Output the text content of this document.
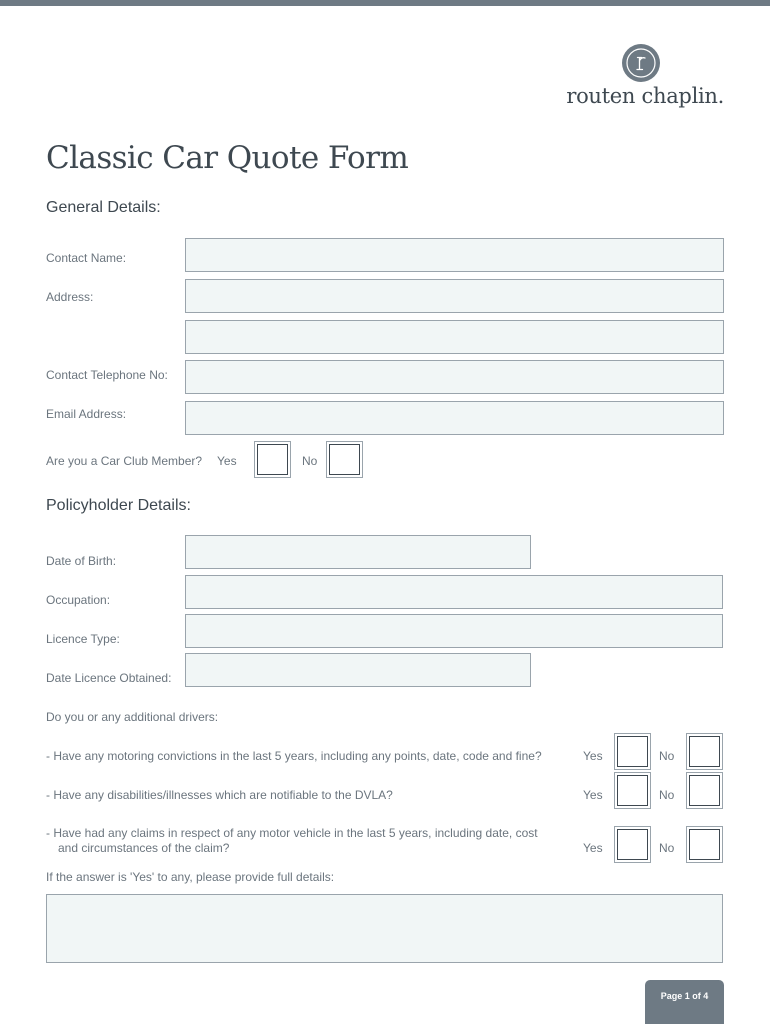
routen chaplin.
Classic Car Quote Form
General Details:
Contact Name:
Address:
Contact Telephone No:
Email Address:
Are you a Car Club Member? Yes	No
Policyholder Details:
Date of Birth:
Occupation:
Licence Type:
Date Licence Obtained:
Do you or any additional drivers:
- Have any motoring convictions in the last 5 years, including any points, date, code and fine?	Yes	No
- Have any disabilities/illnesses which are notifiable to the DVLA?	Yes	No
- Have had any claims in respect of any motor vehicle in the last 5 years, including date, cost
and circumstances of the claim?	Yes	No
If the answer is 'Yes' to any, please provide full details:
Page 1 of 4
